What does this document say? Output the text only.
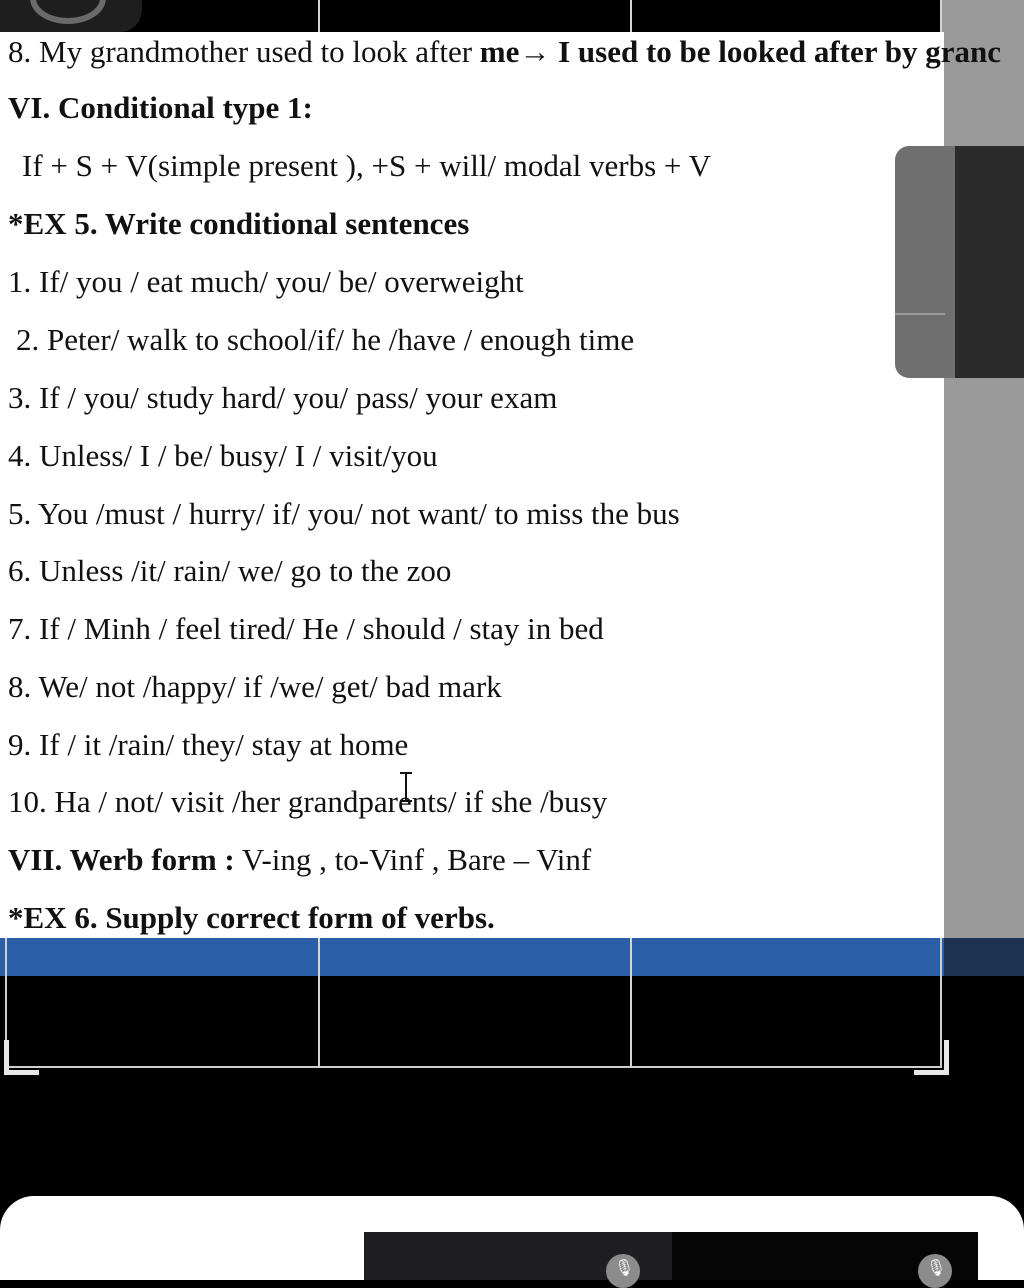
8. My grandmother used to look after me→ I used to be looked after by granc
VI. Conditional type 1:
If + S + V(simple present ), +S + will/ modal verbs + V
*EX 5. Write conditional sentences
1. If/ you / eat much/ you/ be/ overweight
2. Peter/ walk to school/if/ he /have / enough time
3. If / you/ study hard/ you/ pass/ your exam
4. Unless/ I / be/ busy/ I / visit/you
5. You /must / hurry/ if/ you/ not want/ to miss the bus
6. Unless /it/ rain/ we/ go to the zoo
7. If / Minh / feel tired/ He / should / stay in bed
8. We/ not /happy/ if /we/ get/ bad mark
9. If / it /rain/ they/ stay at home
10. Ha / not/ visit /her grandparents/ if she /busy
VII. Werb form : V-ing , to-Vinf , Bare – Vinf
*EX 6. Supply correct form of verbs.
🎙
🎙
